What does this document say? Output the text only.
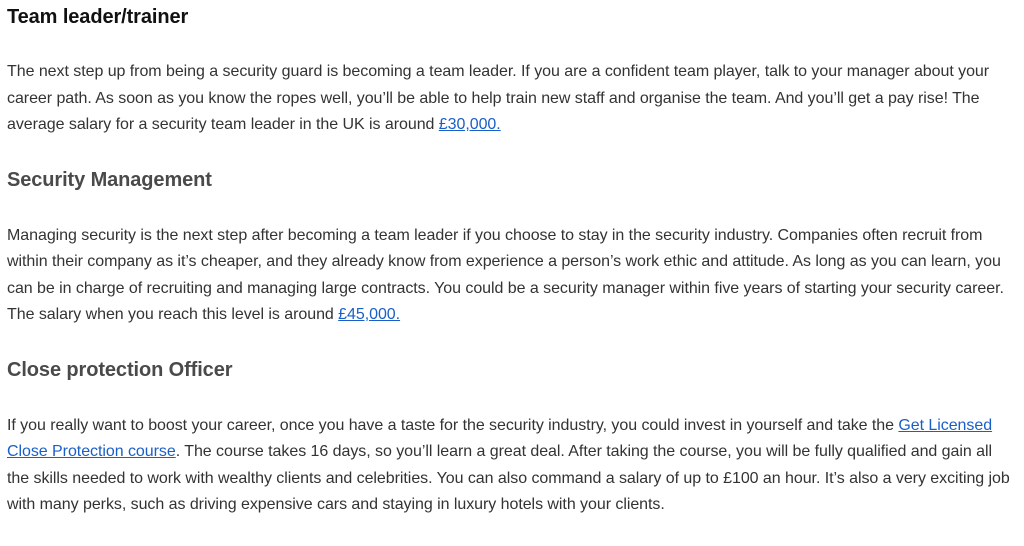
Team leader/trainer

The next step up from being a security guard is becoming a team leader. If you are a confident team player, talk to your manager about your career path. As soon as you know the ropes well, you’ll be able to help train new staff and organise the team. And you’ll get a pay rise! The average salary for a security team leader in the UK is around £30,000.

Security Management

Managing security is the next step after becoming a team leader if you choose to stay in the security industry. Companies often recruit from within their company as it’s cheaper, and they already know from experience a person’s work ethic and attitude. As long as you can learn, you can be in charge of recruiting and managing large contracts. You could be a security manager within five years of starting your security career. The salary when you reach this level is around £45,000.

Close protection Officer

If you really want to boost your career, once you have a taste for the security industry, you could invest in yourself and take the Get Licensed Close Protection course. The course takes 16 days, so you’ll learn a great deal. After taking the course, you will be fully qualified and gain all the skills needed to work with wealthy clients and celebrities. You can also command a salary of up to £100 an hour. It’s also a very exciting job with many perks, such as driving expensive cars and staying in luxury hotels with your clients.
